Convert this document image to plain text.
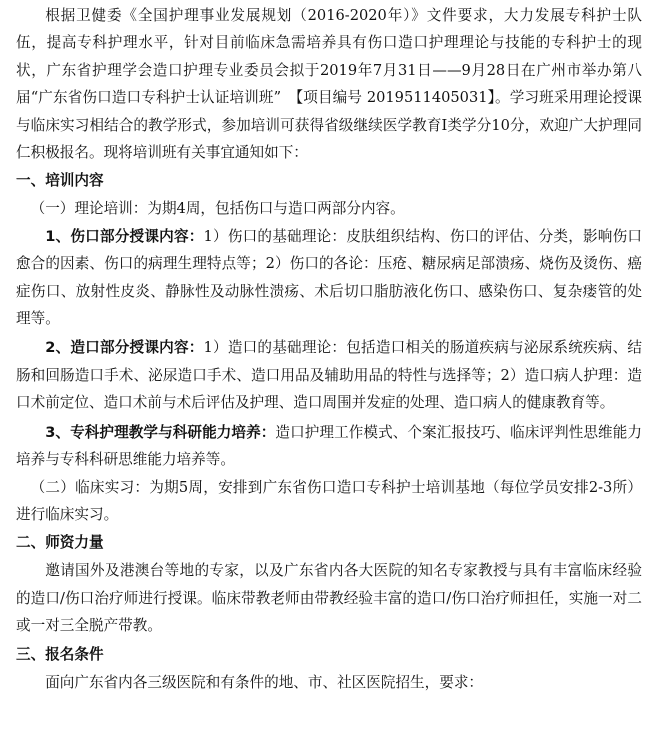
根据卫健委《全国护理事业发展规划（2016-2020年）》文件要求，大力发展专科护士队伍，提高专科护理水平，针对目前临床急需培养具有伤口造口护理理论与技能的专科护士的现状，广东省护理学会造口护理专业委员会拟于2019年7月31日——9月28日在广州市举办第八届“广东省伤口造口专科护士认证培训班”　【项目编号 2019511405031】。学习班采用理论授课与临床实习相结合的教学形式，参加培训可获得省级继续医学教育Ⅰ类学分10分，欢迎广大护理同仁积极报名。现将培训班有关事宜通知如下：

一、培训内容

（一）理论培训：为期4周，包括伤口与造口两部分内容。

1、伤口部分授课内容：1）伤口的基础理论：皮肤组织结构、伤口的评估、分类，影响伤口愈合的因素、伤口的病理生理特点等；2）伤口的各论：压疮、糖尿病足部溃疡、烧伤及烫伤、癌症伤口、放射性皮炎、静脉性及动脉性溃疡、术后切口脂肪液化伤口、感染伤口、复杂瘘管的处理等。

2、造口部分授课内容：1）造口的基础理论：包括造口相关的肠道疾病与泌尿系统疾病、结肠和回肠造口手术、泌尿造口手术、造口用品及辅助用品的特性与选择等；2）造口病人护理：造口术前定位、造口术前与术后评估及护理、造口周围并发症的处理、造口病人的健康教育等。

3、专科护理教学与科研能力培养：造口护理工作模式、个案汇报技巧、临床评判性思维能力培养与专科科研思维能力培养等。

（二）临床实习：为期5周，安排到广东省伤口造口专科护士培训基地（每位学员安排2-3所）进行临床实习。

二、师资力量

邀请国外及港澳台等地的专家，以及广东省内各大医院的知名专家教授与具有丰富临床经验的造口/伤口治疗师进行授课。临床带教老师由带教经验丰富的造口/伤口治疗师担任，实施一对二或一对三全脱产带教。

三、报名条件

面向广东省内各三级医院和有条件的地、市、社区医院招生，要求：
